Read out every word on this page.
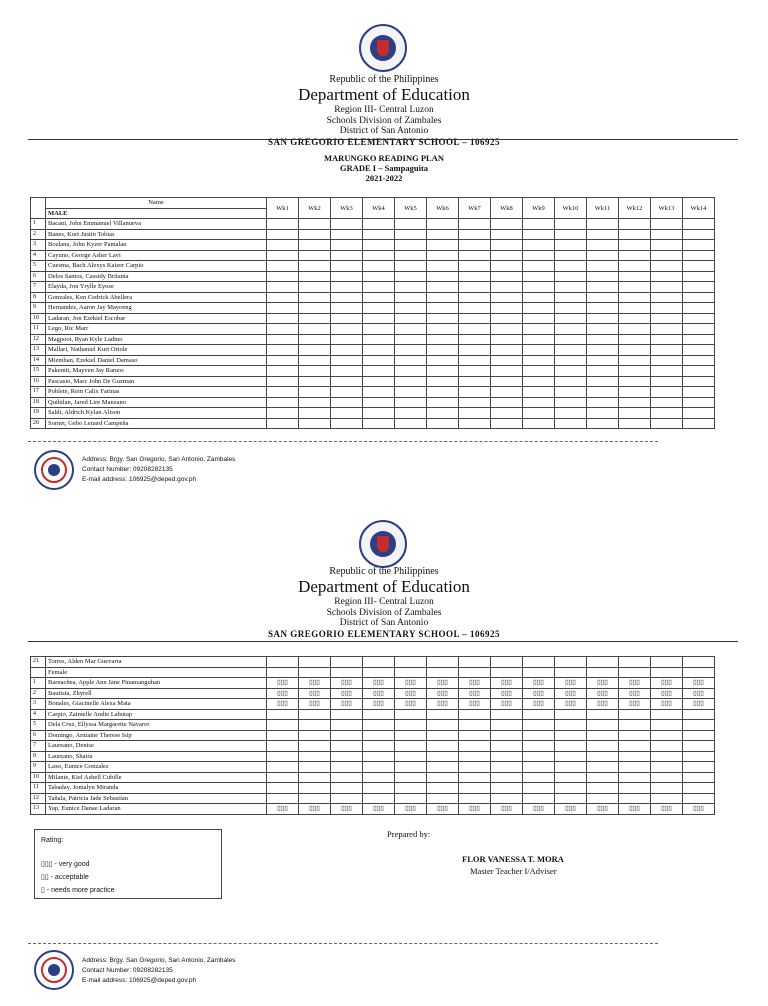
Republic of the Philippines
Department of Education
Region III- Central Luzon
Schools Division of Zambales
District of San Antonio
SAN GREGORIO ELEMENTARY SCHOOL – 106925
MARUNGKO READING PLAN
GRADE I – Sampaguita
2021-2022
	Name	Wk1	Wk2	Wk3	Wk4	Wk5	Wk6	Wk7	Wk8	Wk9	Wk10	Wk11	Wk12	Wk13	Wk14
	MALE														
1	Bacani, John Emmanuel Villanueva														
2	Banes, Kurt Justin Tobias														
3	Bozlana, John Kyzer Pamalan														
4	Cayuno, George Asher Lavi														
5	Cuesma, Bach Alexys Kaizer Carpio														
6	Delos Santos, Cassidy Britania														
7	Elayda, Jon Yrylle Eyose														
8	Gonzales, Ken Cedrick Abellera														
9	Hernandez, Aaron Jay Mayoeng														
10	Ladaran, Jon Ezekiel Escobar														
11	Lego, Ric Marr														
12	Magpoot, Ryan Kyle Ladino														
13	Mallari, Nathaniel Kurt Oriole														
14	Miemban, Ezekiel Daniel Damaso														
15	Pakemit, Mayven Jay Ramos														
16	Pascasio, Marc John De Guzman														
17	Poblete, Rein Calix Farinas														
18	Quibilan, Jared Lire Manzano														
19	Saldi, Aldrich Kylan Alison														
20	Sornet, Gebo Lenard Campeña														
Address: Brgy. San Gregorio, San Antonio, Zambales
Contact Number: 09208282135
E-mail address: 106925@deped.gov.ph
Republic of the Philippines
Department of Education
Region III- Central Luzon
Schools Division of Zambales
District of San Antonio
SAN GREGORIO ELEMENTARY SCHOOL – 106925
21	Torres, Alden Mar Guevarra														
	Female														
1	Barnachea, Apple Ann Jane Pinamanguhan	▯▯▯	▯▯▯	▯▯▯	▯▯▯	▯▯▯	▯▯▯	▯▯▯	▯▯▯	▯▯▯	▯▯▯	▯▯▯	▯▯▯	▯▯▯	▯▯▯
2	Bautista, Zhyrell	▯▯▯	▯▯▯	▯▯▯	▯▯▯	▯▯▯	▯▯▯	▯▯▯	▯▯▯	▯▯▯	▯▯▯	▯▯▯	▯▯▯	▯▯▯	▯▯▯
3	Bonales, Giacinelle Alexa Mata	▯▯▯	▯▯▯	▯▯▯	▯▯▯	▯▯▯	▯▯▯	▯▯▯	▯▯▯	▯▯▯	▯▯▯	▯▯▯	▯▯▯	▯▯▯	▯▯▯
4	Carpio, Zaimelle Andie Labutap														
5	Dela Cruz, Ellyssa Margarette Navarro														
6	Domingo, Armaine Therese Isip														
7	Laureano, Denise														
8	Laureano, Shaira														
9	Laxo, Eunice Gonzales														
10	Milante, Kiel Ashell Cubille														
11	Tabaday, Jomalyn Miranda														
12	Tañala, Patricia Jade Sebastian														
13	Yap, Eunice Danae Ladaran	▯▯▯	▯▯▯	▯▯▯	▯▯▯	▯▯▯	▯▯▯	▯▯▯	▯▯▯	▯▯▯	▯▯▯	▯▯▯	▯▯▯	▯▯▯	▯▯▯
Rating:
▯▯▯ - very good
▯▯ - acceptable
▯ - needs more practice
Prepared by:
FLOR VANESSA T. MORA
Master Teacher I/Adviser
Address: Brgy. San Gregorio, San Antonio, Zambales
Contact Number: 09208282135
E-mail address: 106925@deped.gov.ph
